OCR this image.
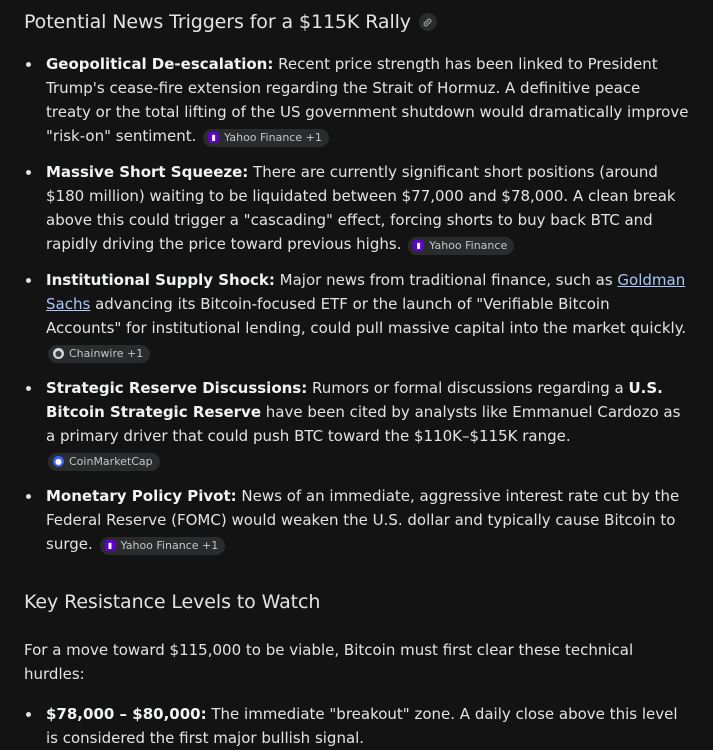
Potential News Triggers for a $115K Rally
Geopolitical De-escalation: Recent price strength has been linked to President Trump's cease-fire extension regarding the Strait of Hormuz. A definitive peace treaty or the total lifting of the US government shutdown would dramatically improve "risk-on" sentiment.	▮ Yahoo Finance +1
Massive Short Squeeze: There are currently significant short positions (around $180 million) waiting to be liquidated between $77,000 and $78,000. A clean break above this could trigger a "cascading" effect, forcing shorts to buy back BTC and rapidly driving the price toward previous highs.	▮ Yahoo Finance
Institutional Supply Shock: Major news from traditional finance, such as Goldman Sachs advancing its Bitcoin-focused ETF or the launch of "Verifiable Bitcoin Accounts" for institutional lending, could pull massive capital into the market quickly.
● Chainwire +1
Strategic Reserve Discussions: Rumors or formal discussions regarding a U.S. Bitcoin Strategic Reserve have been cited by analysts like Emmanuel Cardozo as a primary driver that could push BTC toward the $110K–$115K range.
● CoinMarketCap
Monetary Policy Pivot: News of an immediate, aggressive interest rate cut by the Federal Reserve (FOMC) would weaken the U.S. dollar and typically cause Bitcoin to surge.	▮ Yahoo Finance +1
Key Resistance Levels to Watch

For a move toward $115,000 to be viable, Bitcoin must first clear these technical hurdles:

$78,000 – $80,000: The immediate "breakout" zone. A daily close above this level is considered the first major bullish signal.
